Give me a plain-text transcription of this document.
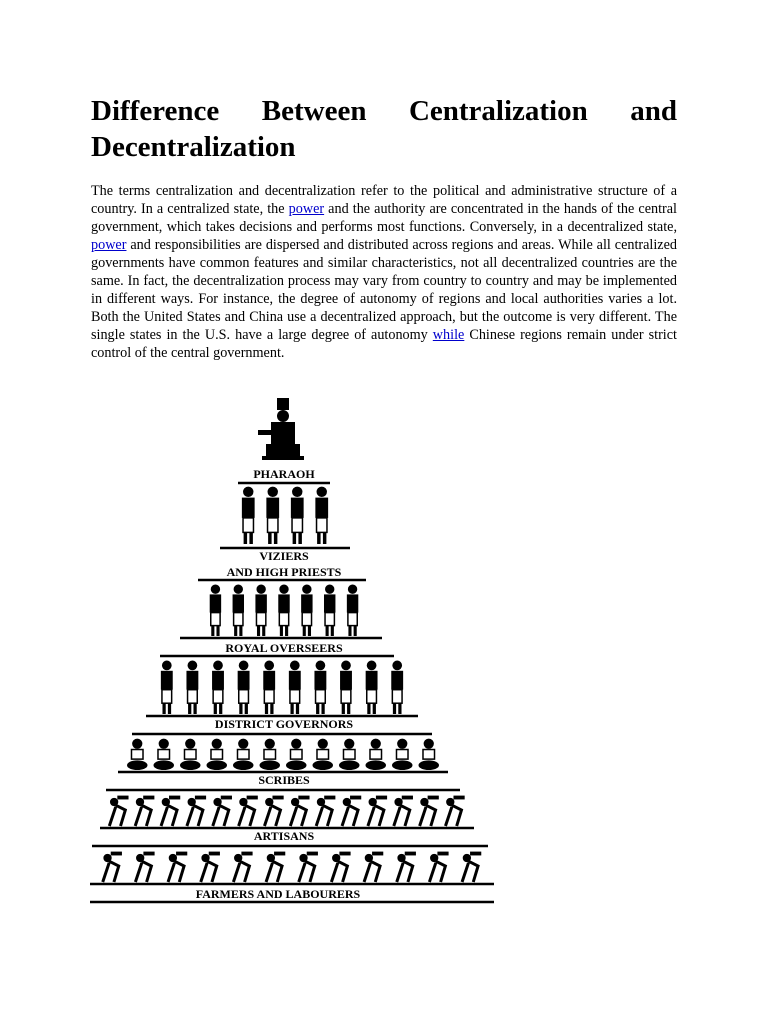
Difference Between Centralization and
Decentralization

The terms centralization and decentralization refer to the political and administrative structure of a country. In a centralized state, the power and the authority are concentrated in the hands of the central government, which takes decisions and performs most functions. Conversely, in a decentralized state, power and responsibilities are dispersed and distributed across regions and areas. While all centralized governments have common features and similar characteristics, not all decentralized countries are the same. In fact, the decentralization process may vary from country to country and may be implemented in different ways. For instance, the degree of autonomy of regions and local authorities varies a lot. Both the United States and China use a decentralized approach, but the outcome is very different. The single states in the U.S. have a large degree of autonomy while Chinese regions remain under strict control of the central government.

PHARAOH
VIZIERS
AND HIGH PRIESTS
ROYAL OVERSEERS
DISTRICT GOVERNORS
SCRIBES
ARTISANS
FARMERS AND LABOURERS
